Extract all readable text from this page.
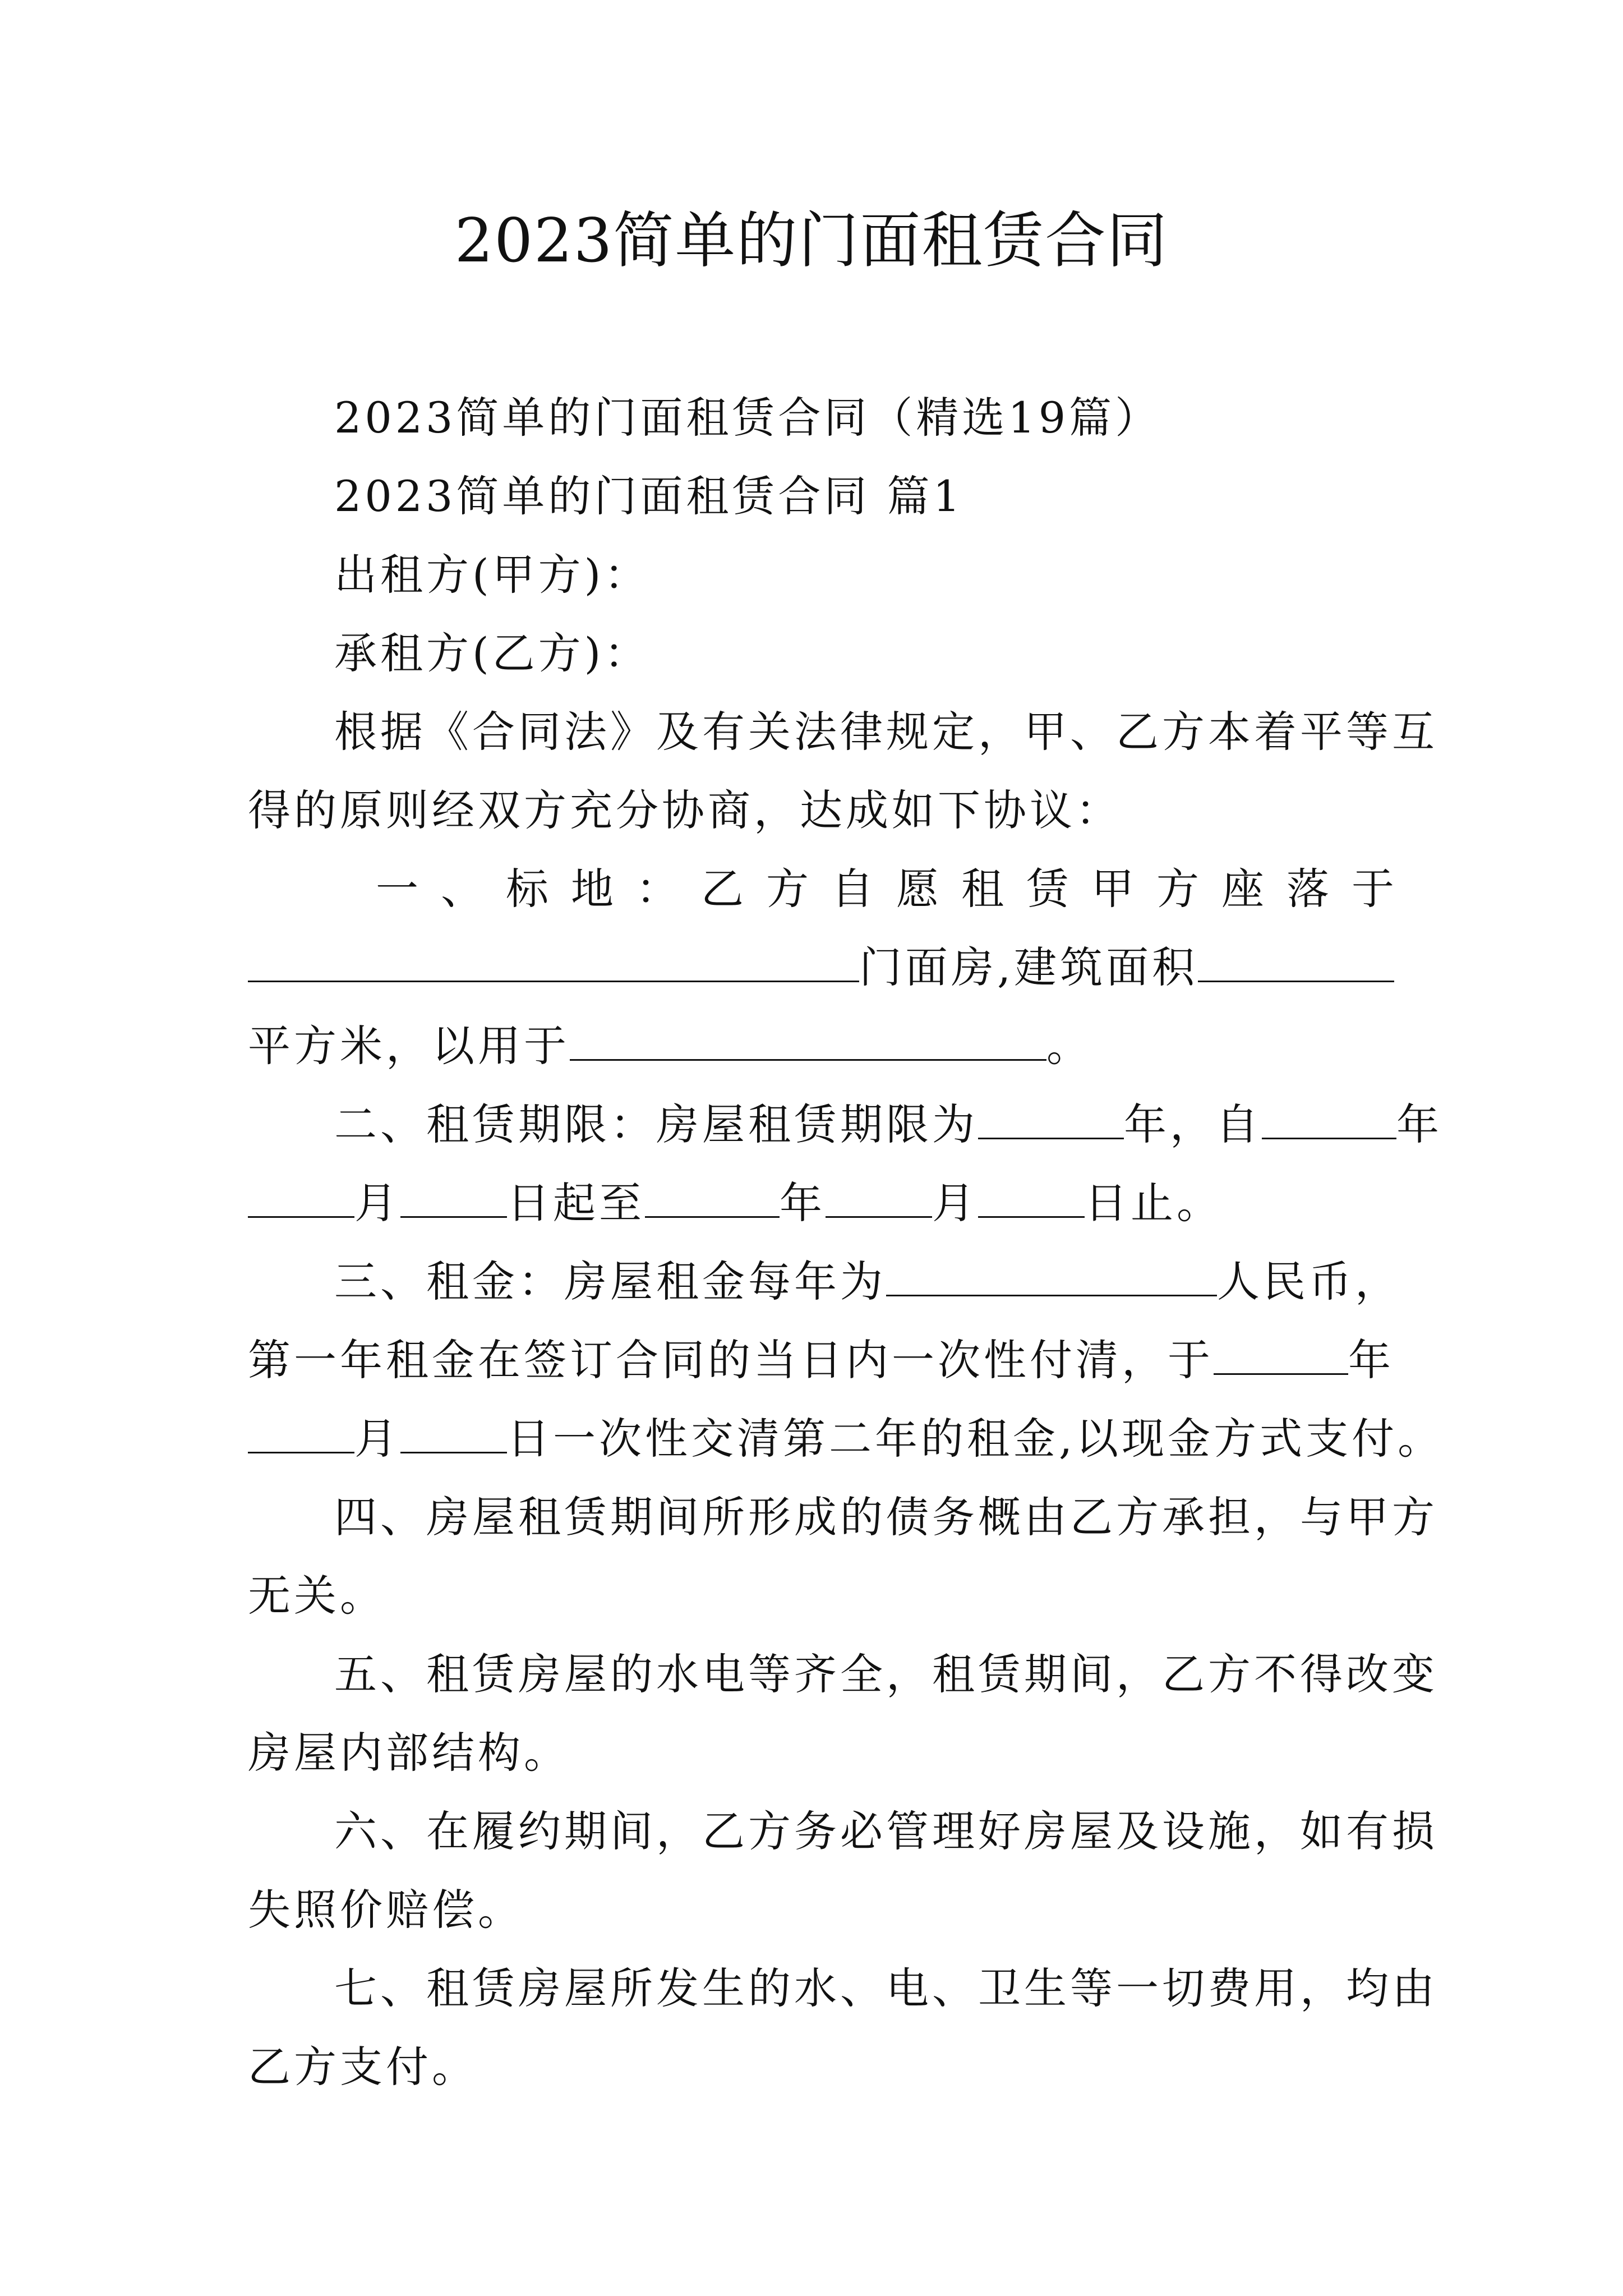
2023简单的门面租赁合同
2023简单的门面租赁合同（精选19篇）
2023简单的门面租赁合同 篇1
出租方(甲方)：
承租方(乙方)：
根据《合同法》及有关法律规定，甲、乙方本着平等互
得的原则经双方充分协商，达成如下协议：
一、标地：乙方自愿租赁甲方座落于
门面房,建筑面积
平方米，以用于	。
二、租赁期限：房屋租赁期限为	年，自	年
月	日起至	年	月	日止。
三、租金：房屋租金每年为	人民币，
第一年租金在签订合同的当日内一次性付清，于	年
月	日一次性交清第二年的租金,以现金方式支付。
四、房屋租赁期间所形成的债务概由乙方承担，与甲方
无关。
五、租赁房屋的水电等齐全，租赁期间，乙方不得改变
房屋内部结构。
六、在履约期间，乙方务必管理好房屋及设施，如有损
失照价赔偿。
七、租赁房屋所发生的水、电、卫生等一切费用，均由
乙方支付。
